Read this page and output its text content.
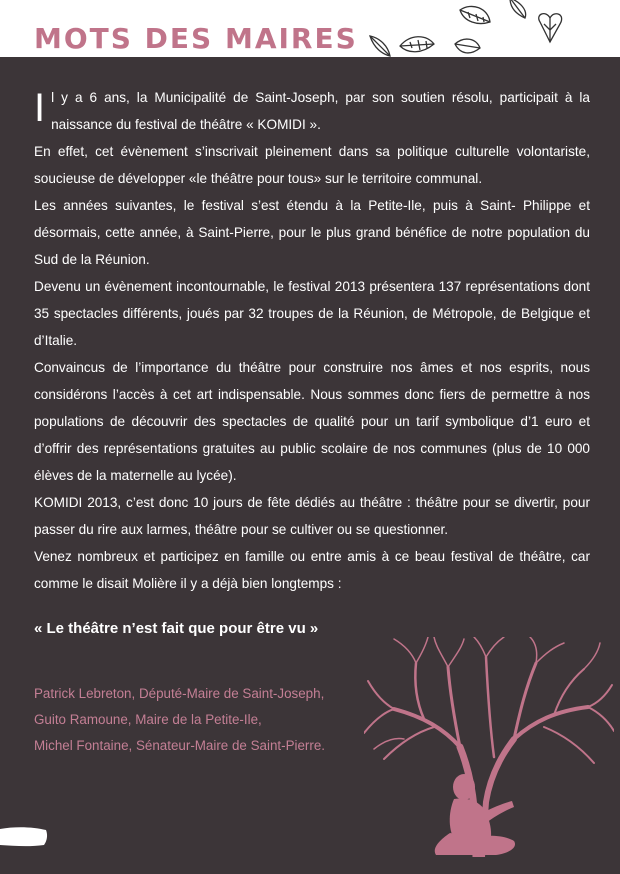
MOTS DES MAIRES

Il y a 6 ans, la Municipalité de Saint-Joseph, par son soutien résolu, participait à la naissance du festival de théâtre « KOMIDI ».

En effet, cet évènement s’inscrivait pleinement dans sa politique culturelle volontariste, soucieuse de développer «le théâtre pour tous» sur le territoire communal.

Les années suivantes, le festival s’est étendu à la Petite-Ile, puis à Saint- Philippe et désormais, cette année, à Saint-Pierre, pour le plus grand bénéfice de notre population du Sud de la Réunion.

Devenu un évènement incontournable, le festival 2013 présentera 137 représentations dont 35 spectacles différents, joués par 32 troupes de la Réunion, de Métropole, de Belgique et d’Italie.

Convaincus de l’importance du théâtre pour construire nos âmes et nos esprits, nous considérons l’accès à cet art indispensable. Nous sommes donc fiers de permettre à nos populations de découvrir des spectacles de qualité pour un tarif symbolique d’1 euro et d’offrir des représentations gratuites au public scolaire de nos communes (plus de 10 000 élèves de la maternelle au lycée).

KOMIDI 2013, c’est donc 10 jours de fête dédiés au théâtre : théâtre pour se divertir, pour passer du rire aux larmes, théâtre pour se cultiver ou se questionner.

Venez nombreux et participez en famille ou entre amis à ce beau festival de théâtre, car comme le disait Molière il y a déjà bien longtemps :

« Le théâtre n’est fait que pour être vu »

Patrick Lebreton, Député-Maire de Saint-Joseph,
Guito Ramoune, Maire de la Petite-Ile,
Michel Fontaine, Sénateur-Maire de Saint-Pierre.
2
